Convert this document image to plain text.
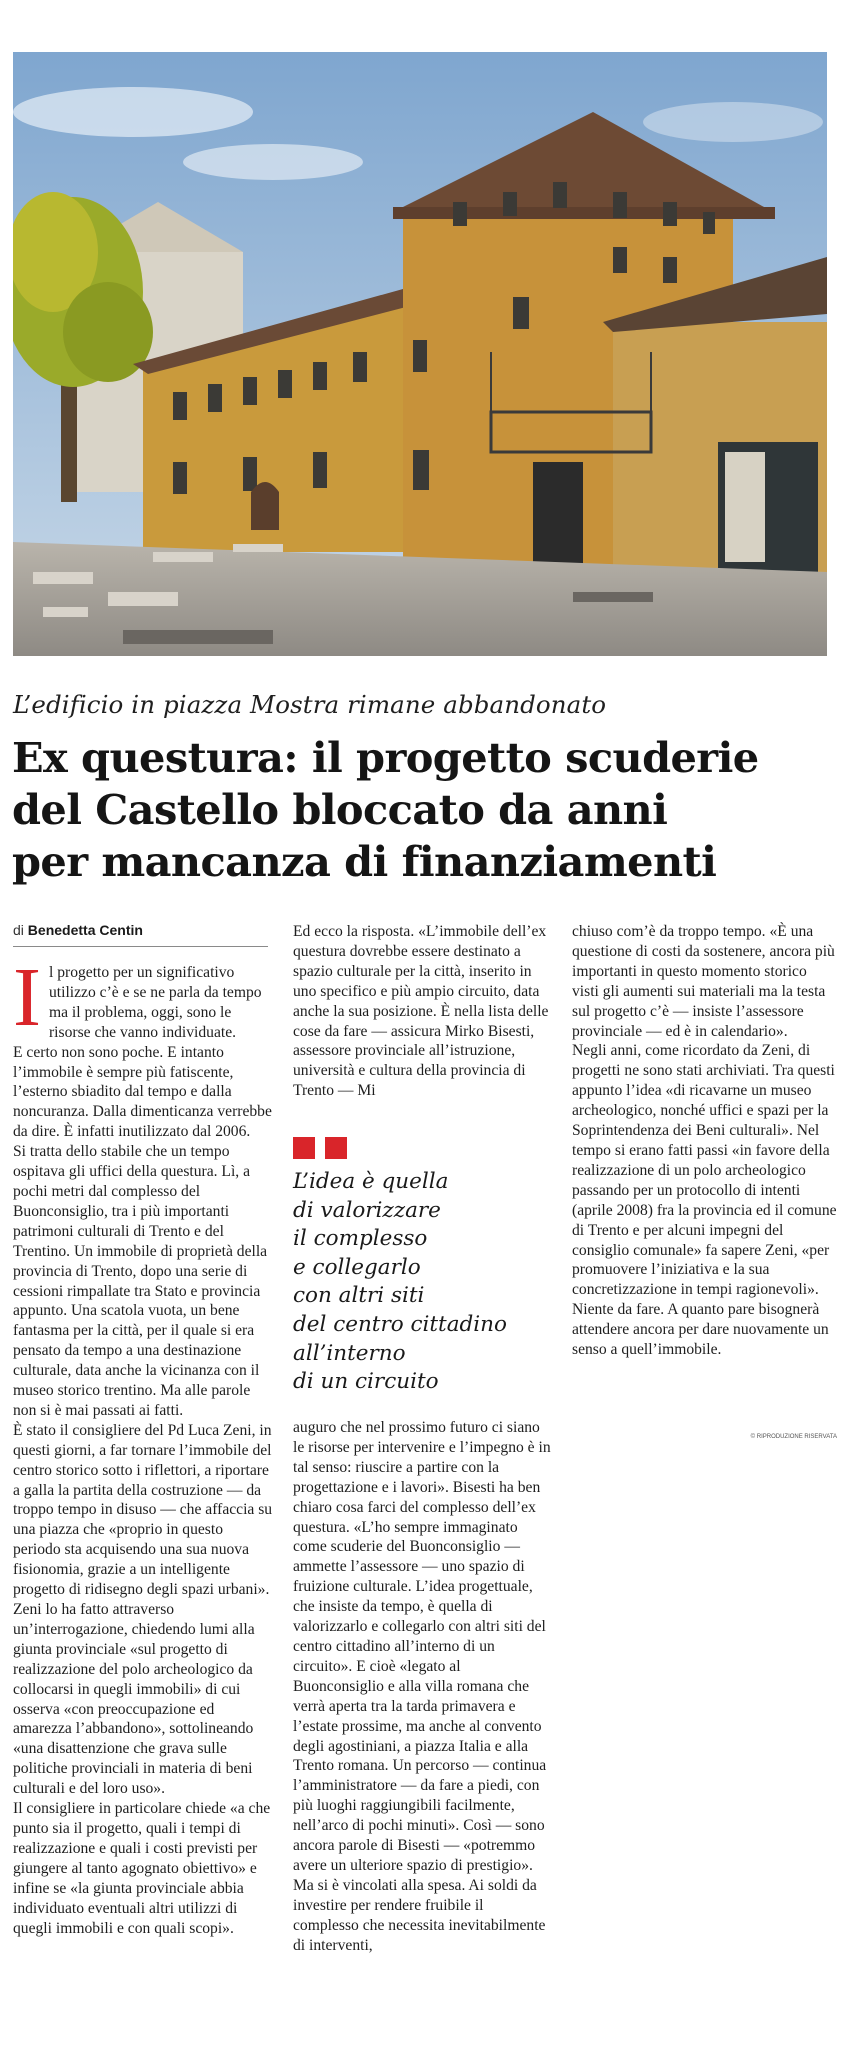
L’edificio in piazza Mostra rimane abbandonato
Ex questura: il progetto scuderie
del Castello bloccato da anni
per mancanza di finanziamenti
di Benedetta Centin
I l progetto per un significativo utilizzo c’è e se ne parla da tempo ma il problema, oggi, sono le risorse che vanno individuate.

E certo non sono poche. E intanto l’immobile è sempre più fatiscente, l’esterno sbiadito dal tempo e dalla noncuranza. Dalla dimenticanza verrebbe da dire. È infatti inutilizzato dal 2006.

Si tratta dello stabile che un tempo ospitava gli uffici della questura. Lì, a pochi metri dal complesso del Buonconsiglio, tra i più importanti patrimoni culturali di Trento e del Trentino. Un immobile di proprietà della provincia di Trento, dopo una serie di cessioni rimpallate tra Stato e provincia appunto. Una scatola vuota, un bene fantasma per la città, per il quale si era pensato da tempo a una destinazione culturale, data anche la vicinanza con il museo storico trentino. Ma alle parole non si è mai passati ai fatti.

È stato il consigliere del Pd Luca Zeni, in questi giorni, a far tornare l’immobile del centro storico sotto i riflettori, a riportare a galla la partita della costruzione — da troppo tempo in disuso — che affaccia su una piazza che «proprio in questo periodo sta acquisendo una sua nuova fisionomia, grazie a un intelligente progetto di ridisegno degli spazi urbani». Zeni lo ha fatto attraverso un’interrogazione, chiedendo lumi alla giunta provinciale «sul progetto di realizzazione del polo archeologico da collocarsi in quegli immobili» di cui osserva «con preoccupazione ed amarezza l’abbandono», sottolineando «una disattenzione che grava sulle politiche provinciali in materia di beni culturali e del loro uso».

Il consigliere in particolare chiede «a che punto sia il progetto, quali i tempi di realizzazione e quali i costi previsti per giungere al tanto agognato obiettivo» e infine se «la giunta provinciale abbia individuato eventuali altri utilizzi di quegli immobili e con quali scopi».

Ed ecco la risposta. «L’immobile dell’ex questura dovrebbe essere destinato a spazio culturale per la città, inserito in uno specifico e più ampio circuito, data anche la sua posizione. È nella lista delle cose da fare — assicura Mirko Bisesti, assessore provinciale all’istruzione, università e cultura della provincia di Trento — Mi

L’idea è quella
di valorizzare
il complesso
e collegarlo
con altri siti
del centro cittadino
all’interno
di un circuito

auguro che nel prossimo futuro ci siano le risorse per intervenire e l’impegno è in tal senso: riuscire a partire con la progettazione e i lavori». Bisesti ha ben chiaro cosa farci del complesso dell’ex questura. «L’ho sempre immaginato come scuderie del Buonconsiglio — ammette l’assessore — uno spazio di fruizione culturale. L’idea progettuale, che insiste da tempo, è quella di valorizzarlo e collegarlo con altri siti del centro cittadino all’interno di un circuito». E cioè «legato al Buonconsiglio e alla villa romana che verrà aperta tra la tarda primavera e l’estate prossime, ma anche al convento degli agostiniani, a piazza Italia e alla Trento romana. Un percorso — continua l’amministratore — da fare a piedi, con più luoghi raggiungibili facilmente, nell’arco di pochi minuti». Così — sono ancora parole di Bisesti — «potremmo avere un ulteriore spazio di prestigio».

Ma si è vincolati alla spesa. Ai soldi da investire per rendere fruibile il complesso che necessita inevitabilmente di interventi,

chiuso com’è da troppo tempo. «È una questione di costi da sostenere, ancora più importanti in questo momento storico visti gli aumenti sui materiali ma la testa sul progetto c’è — insiste l’assessore provinciale — ed è in calendario».

Negli anni, come ricordato da Zeni, di progetti ne sono stati archiviati. Tra questi appunto l’idea «di ricavarne un museo archeologico, nonché uffici e spazi per la Soprintendenza dei Beni culturali». Nel tempo si erano fatti passi «in favore della realizzazione di un polo archeologico passando per un protocollo di intenti (aprile 2008) fra la provincia ed il comune di Trento e per alcuni impegni del consiglio comunale» fa sapere Zeni, «per promuovere l’iniziativa e la sua concretizzazione in tempi ragionevoli». Niente da fare. A quanto pare bisognerà attendere ancora per dare nuovamente un senso a quell’immobile.

© RIPRODUZIONE RISERVATA
